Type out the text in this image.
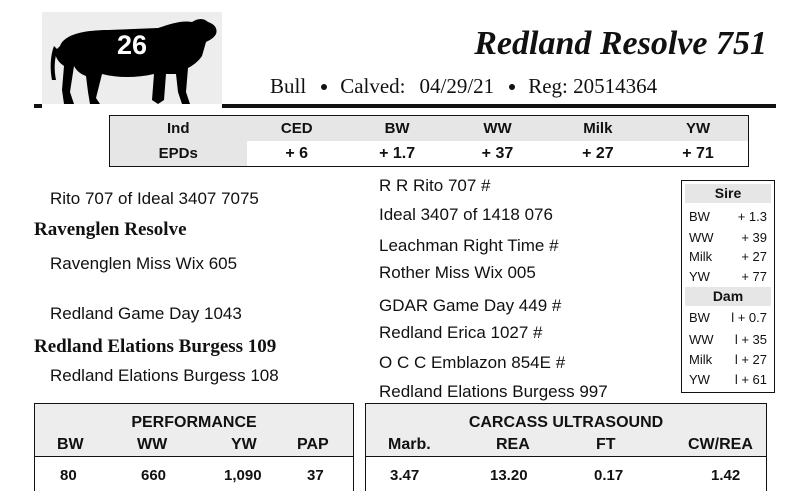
26	Redland Resolve 751
Bull Calved: 04/29/21 Reg: 20514364
Ind	CED	BW	WW	Milk	YW
EPDs	+ 6	+ 1.7	+ 37	+ 27	+ 71
Rito 707 of Ideal 3407 7075
Ravenglen Resolve
Ravenglen Miss Wix 605
Redland Game Day 1043
Redland Elations Burgess 109
Redland Elations Burgess 108
R R Rito 707 #
Ideal 3407 of 1418 076
Leachman Right Time #
Rother Miss Wix 005
GDAR Game Day 449 #
Redland Erica 1027 #
O C C Emblazon 854E #
Redland Elations Burgess 997
Sire
BW + 1.3
WW + 39
Milk + 27
YW + 77
Dam
BW l + 0.7
WW l + 35
Milk l + 27
YW l + 61
PERFORMANCE
BW	WW	YW	PAP
80	660	1,090	37
CARCASS ULTRASOUND
Marb.	REA	FT	CW/REA
3.47	13.20	0.17	1.42
